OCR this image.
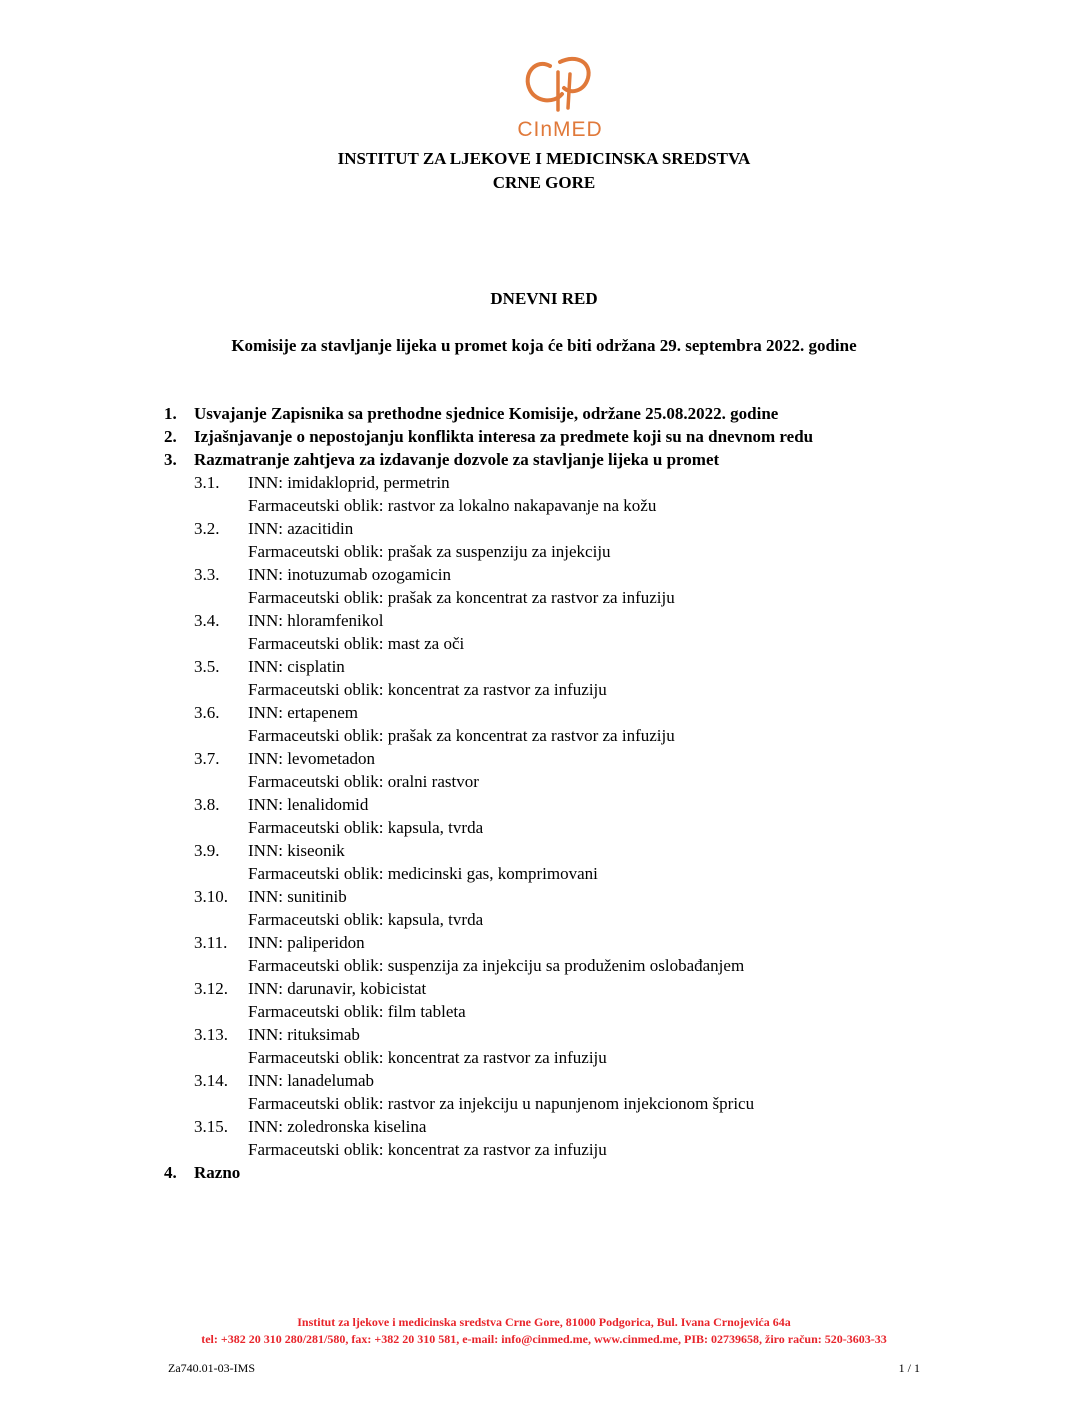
CInMED
INSTITUT ZA LJEKOVE I MEDICINSKA SREDSTVA
CRNE GORE
DNEVNI RED
Komisije za stavljanje lijeka u promet koja će biti održana 29. septembra 2022. godine
1. Usvajanje Zapisnika sa prethodne sjednice Komisije, održane 25.08.2022. godine
2. Izjašnjavanje o nepostojanju konflikta interesa za predmete koji su na dnevnom redu
3. Razmatranje zahtjeva za izdavanje dozvole za stavljanje lijeka u promet
3.1. INN: imidakloprid, permetrin
Farmaceutski oblik: rastvor za lokalno nakapavanje na kožu
3.2. INN: azacitidin
Farmaceutski oblik: prašak za suspenziju za injekciju
3.3. INN: inotuzumab ozogamicin
Farmaceutski oblik: prašak za koncentrat za rastvor za infuziju
3.4. INN: hloramfenikol
Farmaceutski oblik: mast za oči
3.5. INN: cisplatin
Farmaceutski oblik: koncentrat za rastvor za infuziju
3.6. INN: ertapenem
Farmaceutski oblik: prašak za koncentrat za rastvor za infuziju
3.7. INN: levometadon
Farmaceutski oblik: oralni rastvor
3.8. INN: lenalidomid
Farmaceutski oblik: kapsula, tvrda
3.9. INN: kiseonik
Farmaceutski oblik: medicinski gas, komprimovani
3.10. INN: sunitinib
Farmaceutski oblik: kapsula, tvrda
3.11. INN: paliperidon
Farmaceutski oblik: suspenzija za injekciju sa produženim oslobađanjem
3.12. INN: darunavir, kobicistat
Farmaceutski oblik: film tableta
3.13. INN: rituksimab
Farmaceutski oblik: koncentrat za rastvor za infuziju
3.14. INN: lanadelumab
Farmaceutski oblik: rastvor za injekciju u napunjenom injekcionom špricu
3.15. INN: zoledronska kiselina
Farmaceutski oblik: koncentrat za rastvor za infuziju
4. Razno
Institut za ljekove i medicinska sredstva Crne Gore, 81000 Podgorica, Bul. Ivana Crnojevića 64a
tel: +382 20 310 280/281/580, fax: +382 20 310 581, e-mail: info@cinmed.me, www.cinmed.me, PIB: 02739658, žiro račun: 520-3603-33
Za740.01-03-IMS	1 / 1
